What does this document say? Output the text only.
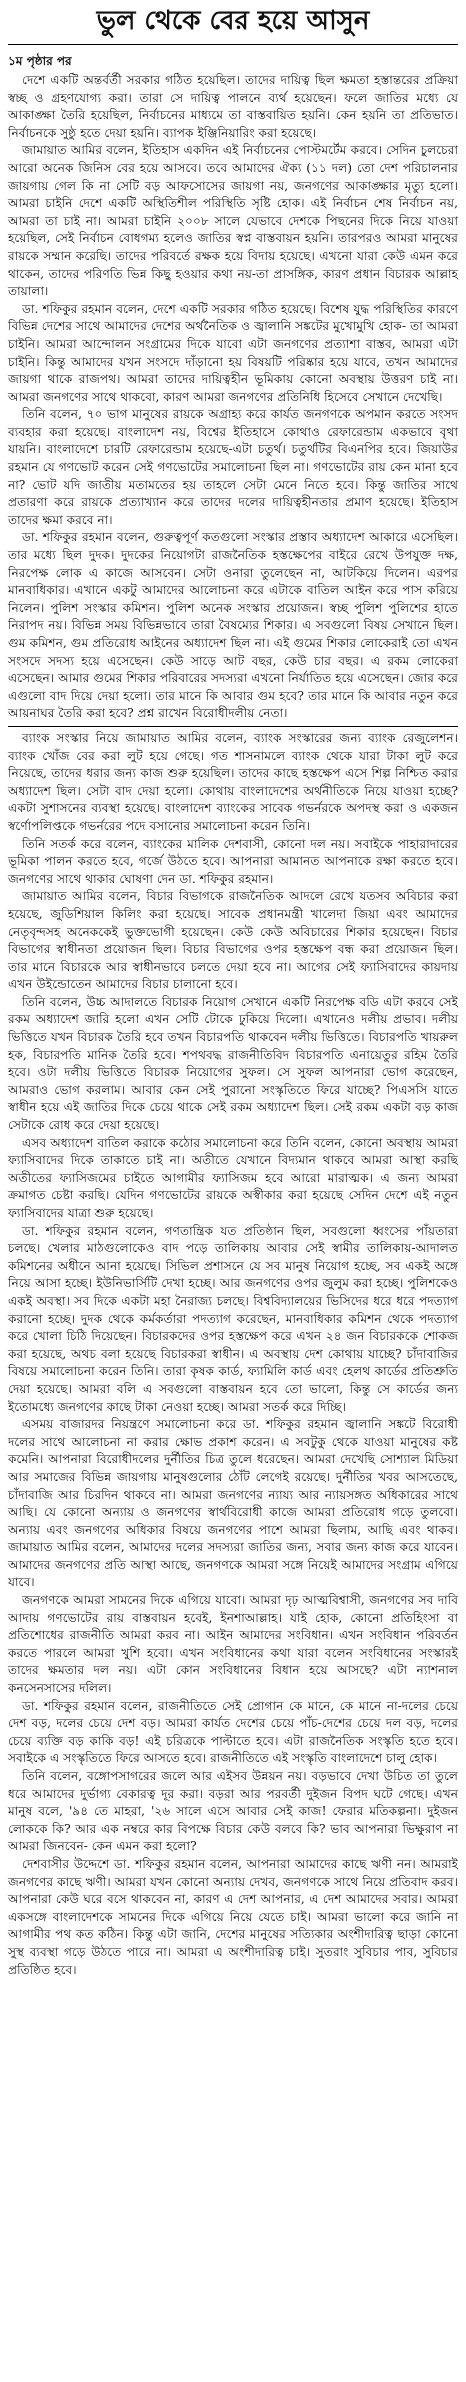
ভুল থেকে বের হয়ে আসুন
১ম পৃষ্ঠার পর

দেশে একটি অন্তর্বর্তী সরকার গঠিত হয়েছিল। তাদের দায়িত্ব ছিল ক্ষমতা হস্তান্তরের প্রক্রিয়া স্বচ্ছ ও গ্রহণযোগ্য করা। তারা সে দায়িত্ব পালনে ব্যর্থ হয়েছেন। ফলে জাতির মধ্যে যে আকাঙ্ক্ষা তৈরি হয়েছিল, নির্বাচনের মাধ্যমে তা বাস্তবায়িত হয়নি। কেন হয়নি তা প্রতিভাত। নির্বাচনকে সুষ্ঠু হতে দেয়া হয়নি। ব্যাপক ইঞ্জিনিয়ারিং করা হয়েছে।

জামায়াত আমির বলেন, ইতিহাস একদিন এই নির্বাচনের পোস্টমর্টেম করবে। সেদিন চুলচেরা আরো অনেক জিনিস বের হয়ে আসবে। তবে আমাদের ঐক্য (১১ দল) তো দেশ পরিচালনার জায়গায় গেল কি না সেটি বড় আফসোসের জায়গা নয়, জনগণের আকাঙ্ক্ষার মৃত্যু হলো। আমরা চাইনি দেশে একটি অস্থিতিশীল পরিস্থিতি সৃষ্টি হোক। এই নির্বাচন শেষ নির্বাচন নয়, আমরা তা চাই না। আমরা চাইনি ২০০৮ সালে যেভাবে দেশকে পিছনের দিকে নিয়ে যাওয়া হয়েছিল, সেই নির্বাচন বোধগম্য হলেও জাতির স্বপ্ন বাস্তবায়ন হয়নি। তারপরও আমরা মানুষের রায়কে সম্মান করেছি। তাদের পরিবর্তে রক্ষক হয়ে বিদায় হয়েছে। এখনো যারা কেউ এমন করে থাকেন, তাদের পরিণতি ভিন্ন কিছু হওয়ার কথা নয়-তা প্রাসঙ্গিক, কারণ প্রধান বিচারক আল্লাহ তায়ালা।

ডা. শফিকুর রহমান বলেন, দেশে একটি সরকার গঠিত হয়েছে। বিশেষ যুদ্ধ পরিস্থিতির কারণে বিভিন্ন দেশের সাথে আমাদের দেশের অর্থনৈতিক ও জ্বালানি সঙ্কটের মুখোমুখি হোক- তা আমরা চাইনি। আমরা আন্দোলন সংগ্রামের দিকে যাবো এটা জনগণের প্রত্যাশা বাস্তব, আমরা এটা চাইনি। কিন্তু আমাদের যখন সংসদে দাঁড়ানো হয় বিষয়টি পরিষ্কার হয়ে যাবে, তখন আমাদের জায়গা থাকে রাজপথ। আমরা তাদের দায়িত্বহীন ভূমিকায় কোনো অবস্থায় উত্তরণ চাই না। আমরা জনগণের সাথে থাকবো, কারণ আমরা জনগণের প্রতিনিধি হিসেবে সেখানে দেখেছি।

তিনি বলেন, ৭০ ভাগ মানুষের রায়কে অগ্রাহ্য করে কার্যত জনগণকে অপমান করতে সংসদ ব্যবহার করা হয়েছে। বাংলাদেশ নয়, বিশ্বের ইতিহাসে কোথাও রেফারেন্ডাম একভাবে বৃথা যায়নি। বাংলাদেশে চারটি রেফারেন্ডাম হয়েছে-এটা চতুর্থ। চতুর্থটির বিএনপির হবে। জিয়াউর রহমান যে গণভোট করেন সেই গণভোটের সমালোচনা ছিল না। গণভোটের রায় কেন মানা হবে না? ভোট যদি জাতীয় মতামতের হয় তাহলে সেটা মেনে নিতে হবে। কিন্তু জাতির সাথে প্রতারণা করে রায়কে প্রত্যাখ্যান করে তাদের দলের দায়িত্বহীনতার প্রমাণ হয়েছে। ইতিহাস তাদের ক্ষমা করবে না।

ডা. শফিকুর রহমান বলেন, গুরুত্বপূর্ণ কতগুলো সংস্কার প্রস্তাব অধ্যাদেশ আকারে এসেছিল। তার মধ্যে ছিল দুদক। দুদকের নিয়োগটা রাজনৈতিক হস্তক্ষেপের বাইরে রেখে উপযুক্ত দক্ষ, নিরপেক্ষ লোক এ কাজে আসবেন। সেটা ওনারা তুলেছেন না, আটকিয়ে দিলেন। এরপর মানবাধিকার। এখানে একটু আমাদের আলোচনা করে এটাকে বাতিল আইন করে পাস করিয়ে নিলেন। পুলিশ সংস্কার কমিশন। পুলিশ অনেক সংস্কার প্রয়োজন। স্বচ্ছ পুলিশ পুলিশের হাতে নিরাপদ নয়। বিভিন্ন সময় বিভিন্নভাবে তারা বৈষম্যের শিকার। এ সবগুলো বিষয় সেখানে ছিল। গুম কমিশন, গুম প্রতিরোধ আইনের অধ্যাদেশ ছিল না। এই গুমের শিকার লোকেরাই তো এখন সংসদে সদস্য হয়ে এসেছেন। কেউ সাড়ে আট বছর, কেউ চার বছর। এ রকম লোকেরা এসেছেন। আমার গুমের শিকার পরিবারের সদস্যরা এখনো নির্যাতিত হয়ে এসেছেন। জোর করে এগুলো বাদ দিয়ে দেয়া হলো। তার মানে কি আবার গুম হবে? তার মানে কি আবার নতুন করে আয়নাঘর তৈরি করা হবে? প্রশ্ন রাখেন বিরোধীদলীয় নেতা।

ব্যাংক সংস্কার নিয়ে জামায়াত আমির বলেন, ব্যাংক সংস্কারের জন্য ব্যাংক রেজুলেশন। ব্যাংক খোঁজ বের করা লুট হয়ে গেছে। গত শাসনামলে ব্যাংক থেকে যারা টাকা লুট করে নিয়েছে, তাদের ধরার জন্য কাজ শুরু হয়েছিল। তাদের কাছে হস্তক্ষেপ এসে শিল্প নিশ্চিত করার অধ্যাদেশ ছিল। সেটা বাদ দেয়া হলো। কোথায় বাংলাদেশের অর্থনীতিকে নিয়ে যাওয়া হচ্ছে? একটা সুশাসনের ব্যবস্থা হয়েছে। বাংলাদেশ ব্যাংকের সাবেক গভর্নরকে অপদস্থ করা ও একজন স্বৰ্ণোপলিপ্তকে গভর্নরের পদে বসানোর সমালোচনা করেন তিনি।

তিনি সতর্ক করে বলেন, ব্যাংকের মালিক দেশবাসী, কোনো দল নয়। সবাইকে পাহারাদারের ভূমিকা পালন করতে হবে, গর্জে উঠতে হবে। আপনারা আমানত আপনাকে রক্ষা করতে হবে। জনগণের সাথে থাকার ঘোষণা দেন ডা. শফিকুর রহমান।

জামায়াত আমির বলেন, বিচার বিভাগকে রাজনৈতিক আদলে রেখে যতসব অবিচার করা হয়েছে, জুডিশিয়াল কিলিং করা হয়েছে। সাবেক প্রধানমন্ত্রী খালেদা জিয়া এবং আমাদের নেতৃবৃন্দসহ অনেককেই ভুক্তভোগী হয়েছেন। কেউ কেউ অবিচারের শিকার হয়েছেন। বিচার বিভাগের স্বাধীনতা প্রয়োজন ছিল। বিচার বিভাগের ওপর হস্তক্ষেপ বন্ধ করা প্রয়োজন ছিল। তার মানে বিচারকে আর স্বাধীনভাবে চলতে দেয়া হবে না। আগের সেই ফ্যাসিবাদের কায়দায় এখন উইন্ডোতেন আমাদের বিচার চালানো হবে।

তিনি বলেন, উচ্চ আদালতে বিচারক নিয়োগ সেখানে একটি নিরপেক্ষ বডি এটা করবে সেই রকম অধ্যাদেশ জারি হলো এখন সেটি টোকে ঢুকিয়ে দিলো। এখানেও দলীয় প্রভাব। দলীয় ভিত্তিতে যখন বিচারক তৈরি হবে তখন বিচারপতি থাকবেন দলীয় ভিত্তিতে। বিচারপতি খায়রুল হক, বিচারপতি মানিক তৈরি হবে। শপথবদ্ধ রাজনীতিবিদ বিচারপতি এনায়েতুর রহিম তৈরি হবে। ওটা দলীয় ভিত্তিতে বিচারক নিয়োগের সুফল। সে সুফল আপনারা ভোগ করেছেন, আমরাও ভোগ করলাম। আবার কেন সেই পুরানো সংস্কৃতিতে ফিরে যাচ্ছে? পিএসসি যাতে স্বাধীন হয়ে এই জাতির দিকে চেয়ে থাকে সেই রকম অধ্যাদেশ ছিল। সেই রকম একটা বড় কাজ সেটাকে রোধ করে দেয়া হয়েছে।

এসব অধ্যাদেশ বাতিল করাকে কঠোর সমালোচনা করে তিনি বলেন, কোনো অবস্থায় আমরা ফ্যাসিবাদের দিকে তাকাতে চাই না। অতীতে যেখানে বিদ্যমান থাকবে আমরা আস্থা করছি অতীতের ফ্যাসিজমের চাইতে আগামীর ফ্যাসিজম হবে আরো মারাত্মক। এ জন্য আমরা ক্রমাগত চেষ্টা করছি। যেদিন গণভোটের রায়কে অস্বীকার করা হয়েছে সেদিন দেশে এই নতুন ফ্যাসিবাদের যাত্রা শুরু হয়েছে।

ডা. শফিকুর রহমান বলেন, গণতান্ত্রিক যত প্রতিষ্ঠান ছিল, সবগুলো ধ্বংসের পাঁয়তারা চলছে। খেলার মাঠগুলোকেও বাদ পড়ে তালিকায় আবার সেই স্বামীর তালিকায়-আদালত কমিশনের অধীনে আনা হয়েছে। সিভিল প্রশাসনে যে সব মানুষ নিয়োগ হচ্ছে, সব একই অঙ্গে নিয়ে আসা হচ্ছে। ইউনিভার্সিটি দেখা হচ্ছে। আর জনগণের ওপর জুলুম করা হচ্ছে। পুলিশকেও একই অবস্থা। সব দিকে একটা মহা নৈরাজ্য চলছে। বিশ্ববিদ্যালয়ের ভিসিদের ধরে ধরে পদত্যাগ করানো হচ্ছে। দুদক থেকে কর্মকর্তারা পদত্যাগ করেছেন, মানবাধিকার কমিশন থেকে পদত্যাগ করে খোলা চিঠি দিয়েছেন। বিচারকদের ওপর হস্তক্ষেপ করে এখন ২৪ জন বিচারককে শোকজ করা হয়েছে, অথচ বলা হয়েছে বিচারকরা স্বাধীন। এ অবস্থায় দেশ কোথায় যাচ্ছে? চাঁদাবাজির বিষয়ে সমালোচনা করেন তিনি। তারা কৃষক কার্ড, ফ্যামিলি কার্ড এবং হেলথ কার্ডের প্রতিশ্রুতি দেয়া হয়েছে। আমরা বলি এ সবগুলো বাস্তবায়ন হবে তো ভালো, কিন্তু সে কার্ডের জন্য ইতোমধ্যে জনগণের কাছে টাকা নেওয়া হচ্ছে। আমরা সতর্ক করে দিচ্ছি।

এসময় বাজারদর নিয়ন্ত্রণে সমালোচনা করে ডা. শফিকুর রহমান জ্বালানি সঙ্কটে বিরোধী দলের সাথে আলোচনা না করার ক্ষোভ প্রকাশ করেন। এ সবটুকু থেকে যাওয়া মানুষের কষ্ট কমেনি। আপনারা বিরোধীদলের দুর্নীতির চিত্র তুলে ধরেছেন। আমরা দেখেছি সোশ্যাল মিডিয়া আর সমাজের বিভিন্ন জায়গায় মানুষগুলোর ঠোঁট লেগেই রয়েছে। দুর্নীতির খবর আসতেছে, চাঁদাবাজি আর চিরদিন থাকবে না। আমরা জনগণের ন্যায্য আর ন্যায়সঙ্গত অধিকারের সাথে আছি। যে কোনো অন্যায় ও জনগণের স্বার্থবিরোধী কাজে আমরা প্রতিরোধ গড়ে তুলবো। অন্যায় এবং জনগণের অধিকার বিষয়ে জনগণের পাশে আমরা ছিলাম, আছি এবং থাকব। জামায়াত আমির বলেন, আমাদের দলের সদস্যরা জাতির জন্য, সবার জন্য কাজ করে যাবেন। আমাদের জনগণের প্রতি আস্থা আছে, জনগণকে আমরা সঙ্গে নিয়েই আমাদের সংগ্রাম এগিয়ে যাবে।

জনগণকে আমরা সামনের দিকে এগিয়ে যাবো। আমরা দৃঢ় আত্মবিশ্বাসী, জনগণের সব দাবি আদায় গণভোটের রায় বাস্তবায়ন হবেই, ইনশাআল্লাহ। যাই হোক, কোনো প্রতিহিংসা বা প্রতিশোধের রাজনীতি আমরা করব না। আইন আমাদের সংবিধান। এখন সংবিধান পরিবর্তন করতে পারলে আমরা খুশি হবো। এখন সংবিধানের কথা যারা বলেন সংবিধানের সংস্কারই তাদের ক্ষমতার দল নয়। এটা কোন সংবিধানের বিধান হয়ে আসছে? এটা ন্যাশনাল কনসেনসাসের দলিল।

ডা. শফিকুর রহমান বলেন, রাজনীতিতে সেই প্রোগান কে মানে, কে মানে না-দলের চেয়ে দেশ বড়, দলের চেয়ে দেশ বড়। আমরা কার্যত দেশের চেয়ে পাঁচ-দেশের চেয়ে দল বড়, দলের চেয়ে ব্যক্তি বড় কাকি বড়! এই চরিত্রকে পাল্টাতে হবে। এটা রাজনৈতিক সংস্কৃতি হতে হবে। সবাইকে এ সংস্কৃতিতে ফিরে আসতে হবে। রাজনীতিতে এই সংস্কৃতি বাংলাদেশে চালু হোক।

তিনি বলেন, বঙ্গোপসাগরের জলে আর এইসব উন্নয়ন নয়। বড়ভাবে দেখা উচিত তা তুলে ধরে আমাদের দুর্ভাগ্য বেকারত্ব দূর করা। বড়রা আর পরবর্তী দুইজন বিপদ ঘটে গেছে। এখন মানুষ বলে, '৯৪ তে মাহরা, '২৬ সালে এসে আবার সেই কাজ! ফেরার মতিকল্পনা। দুইজন লোককে কি? আর এক নম্বরে কার বিপক্ষে বিচার কেউ বলবে কি? ভাব আপনারা ভিক্ষুরাণ না আমরা জিনবেন- কেন এমন করা হলো?

দেশবাসীর উদ্দেশে ডা. শফিকুর রহমান বলেন, আপনারা আমাদের কাছে ঋণী নন। আমরাই জনগণের কাছে ঋণী। আমরা যখন কোনো অন্যায় দেখব, জনগণকে সাথে নিয়ে প্রতিবাদ করব। আপনারা কেউ ঘরে বসে থাকবেন না, কারণ এ দেশ আপনার, এ দেশ আমাদের সবার। আমরা একসঙ্গে বাংলাদেশকে সামনের দিকে এগিয়ে নিয়ে যেতে চাই। আমরা ভালো করে জানি না আগামীর পথ কত কঠিন। কিন্তু এটা জানি, দেশের মানুষের সত্যিকার অংশীদারিত্ব ছাড়া কোনো সুস্থ ব্যবস্থা গড়ে উঠতে পারে না। আমরা এ অংশীদারিত্ব চাই। সুতরাং সুবিচার পাব, সুবিচার প্রতিষ্ঠিত হবে।
